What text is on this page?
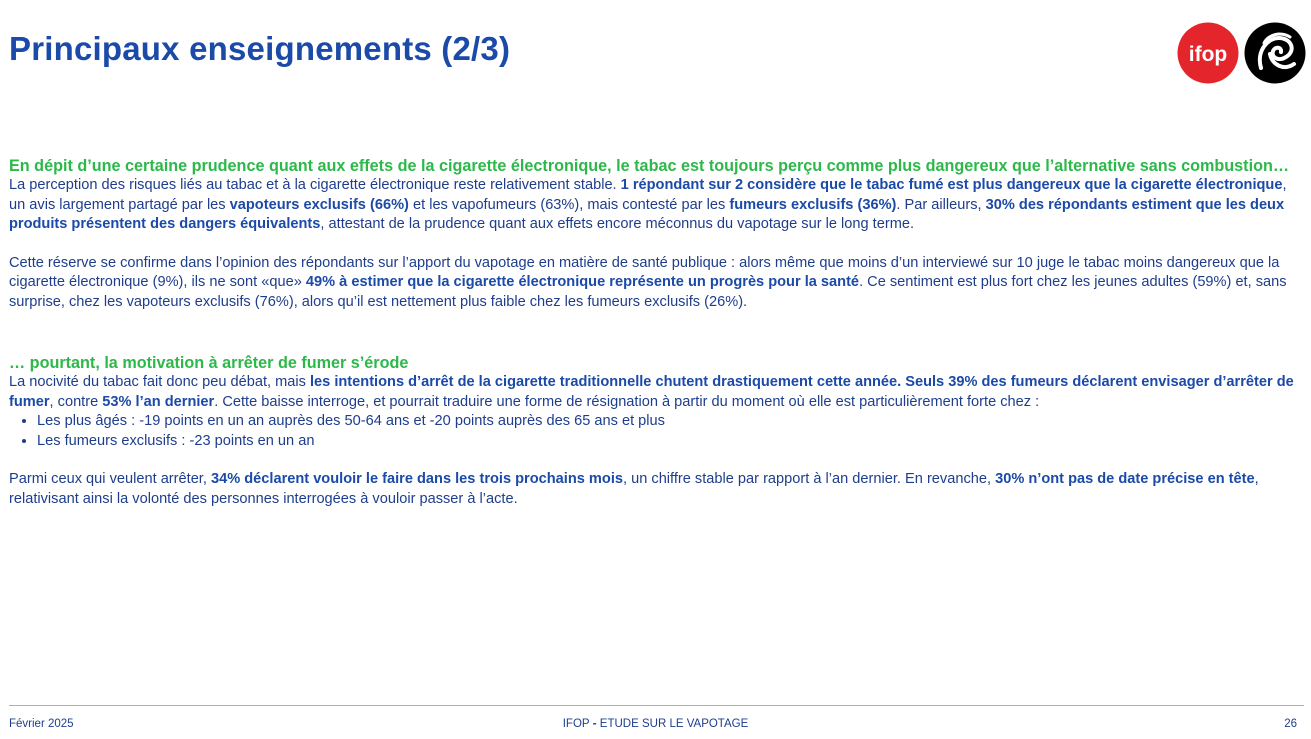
Principaux enseignements (2/3)	ifop

En dépit d’une certaine prudence quant aux effets de la cigarette électronique, le tabac est toujours perçu comme plus dangereux que l’alternative sans combustion…

La perception des risques liés au tabac et à la cigarette électronique reste relativement stable. 1 répondant sur 2 considère que le tabac fumé est plus dangereux que la cigarette électronique, un avis largement partagé par les vapoteurs exclusifs (66%) et les vapofumeurs (63%), mais contesté par les fumeurs exclusifs (36%). Par ailleurs, 30% des répondants estiment que les deux produits présentent des dangers équivalents, attestant de la prudence quant aux effets encore méconnus du vapotage sur le long terme.

Cette réserve se confirme dans l’opinion des répondants sur l’apport du vapotage en matière de santé publique : alors même que moins d’un interviewé sur 10 juge le tabac moins dangereux que la cigarette électronique (9%), ils ne sont «que» 49% à estimer que la cigarette électronique représente un progrès pour la santé. Ce sentiment est plus fort chez les jeunes adultes (59%) et, sans surprise, chez les vapoteurs exclusifs (76%), alors qu’il est nettement plus faible chez les fumeurs exclusifs (26%).

… pourtant, la motivation à arrêter de fumer s’érode

La nocivité du tabac fait donc peu débat, mais les intentions d’arrêt de la cigarette traditionnelle chutent drastiquement cette année. Seuls 39% des fumeurs déclarent envisager d’arrêter de fumer, contre 53% l’an dernier. Cette baisse interroge, et pourrait traduire une forme de résignation à partir du moment où elle est particulièrement forte chez :

• Les plus âgés : -19 points en un an auprès des 50-64 ans et -20 points auprès des 65 ans et plus
• Les fumeurs exclusifs : -23 points en un an

Parmi ceux qui veulent arrêter, 34% déclarent vouloir le faire dans les trois prochains mois, un chiffre stable par rapport à l’an dernier. En revanche, 30% n’ont pas de date précise en tête, relativisant ainsi la volonté des personnes interrogées à vouloir passer à l’acte.

Février 2025	IFOP - ETUDE SUR LE VAPOTAGE	26
